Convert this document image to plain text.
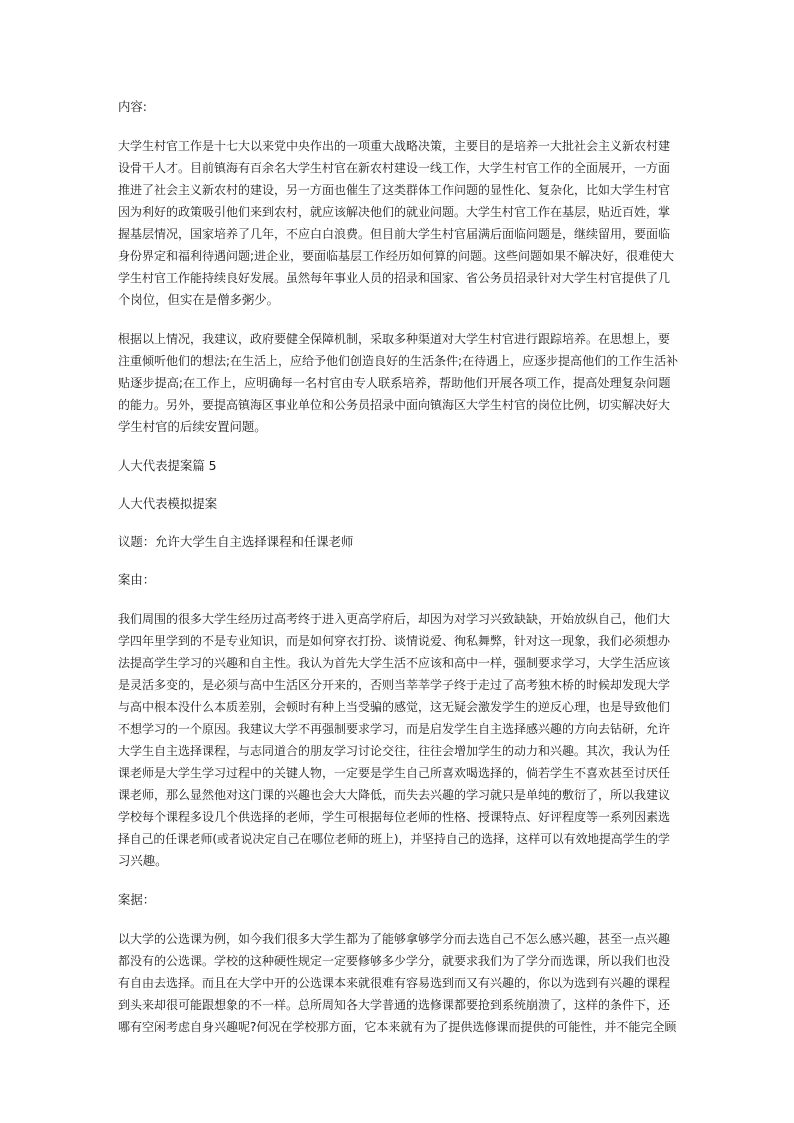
内容:
大学生村官工作是十七大以来党中央作出的一项重大战略决策，主要目的是培养一大批社会主义新农村建
设骨干人才。目前镇海有百余名大学生村官在新农村建设一线工作，大学生村官工作的全面展开，一方面
推进了社会主义新农村的建设，另一方面也催生了这类群体工作问题的显性化、复杂化，比如大学生村官
因为利好的政策吸引他们来到农村，就应该解决他们的就业问题。大学生村官工作在基层，贴近百姓，掌
握基层情况，国家培养了几年，不应白白浪费。但目前大学生村官届满后面临问题是，继续留用，要面临
身份界定和福利待遇问题;进企业，要面临基层工作经历如何算的问题。这些问题如果不解决好，很难使大
学生村官工作能持续良好发展。虽然每年事业人员的招录和国家、省公务员招录针对大学生村官提供了几
个岗位，但实在是僧多粥少。
根据以上情况，我建议，政府要健全保障机制，采取多种渠道对大学生村官进行跟踪培养。在思想上，要
注重倾听他们的想法;在生活上，应给予他们创造良好的生活条件;在待遇上，应逐步提高他们的工作生活补
贴逐步提高;在工作上，应明确每一名村官由专人联系培养，帮助他们开展各项工作，提高处理复杂问题
的能力。另外，要提高镇海区事业单位和公务员招录中面向镇海区大学生村官的岗位比例，切实解决好大
学生村官的后续安置问题。
人大代表提案篇 5
人大代表模拟提案
议题：允许大学生自主选择课程和任课老师
案由：
我们周围的很多大学生经历过高考终于进入更高学府后，却因为对学习兴致缺缺，开始放纵自己，他们大
学四年里学到的不是专业知识，而是如何穿衣打扮、谈情说爱、徇私舞弊，针对这一现象，我们必须想办
法提高学生学习的兴趣和自主性。我认为首先大学生活不应该和高中一样，强制要求学习，大学生活应该
是灵活多变的，是必须与高中生活区分开来的，否则当莘莘学子终于走过了高考独木桥的时候却发现大学
与高中根本没什么本质差别，会顿时有种上当受骗的感觉，这无疑会激发学生的逆反心理，也是导致他们
不想学习的一个原因。我建议大学不再强制要求学习，而是启发学生自主选择感兴趣的方向去钻研，允许
大学生自主选择课程，与志同道合的朋友学习讨论交往，往往会增加学生的动力和兴趣。其次，我认为任
课老师是大学生学习过程中的关键人物，一定要是学生自己所喜欢喝选择的，倘若学生不喜欢甚至讨厌任
课老师，那么显然他对这门课的兴趣也会大大降低，而失去兴趣的学习就只是单纯的敷衍了，所以我建议
学校每个课程多设几个供选择的老师，学生可根据每位老师的性格、授课特点、好评程度等一系列因素选
择自己的任课老师(或者说决定自己在哪位老师的班上)，并坚持自己的选择，这样可以有效地提高学生的学
习兴趣。
案据：
以大学的公选课为例，如今我们很多大学生都为了能够拿够学分而去选自己不怎么感兴趣，甚至一点兴趣
都没有的公选课。学校的这种硬性规定一定要修够多少学分，就要求我们为了学分而选课，所以我们也没
有自由去选择。而且在大学中开的公选课本来就很难有容易选到而又有兴趣的，你以为选到有兴趣的课程
到头来却很可能跟想象的不一样。总所周知各大学普通的选修课都要抢到系统崩溃了，这样的条件下，还
哪有空闲考虑自身兴趣呢?何况在学校那方面，它本来就有为了提供选修课而提供的可能性，并不能完全顾
